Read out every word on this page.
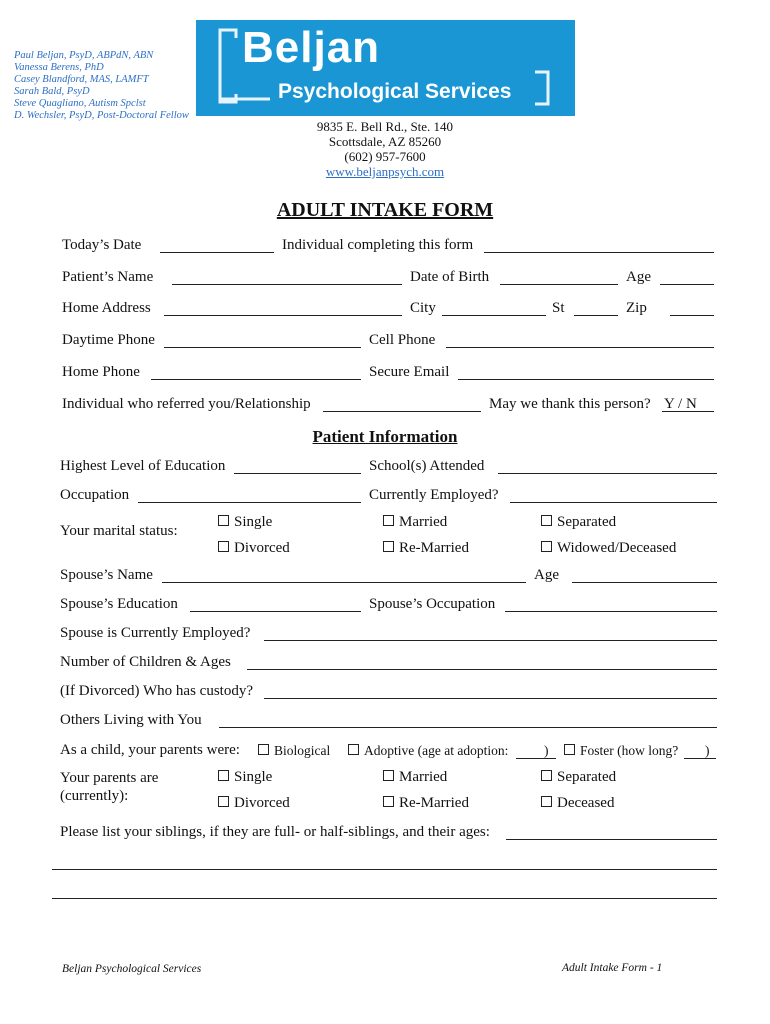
Paul Beljan, PsyD, ABPdN, ABN
Vanessa Berens, PhD
Casey Blandford, MAS, LAMFT
Sarah Bald, PsyD
Steve Quagliano, Autism Spclst
D. Wechsler, PsyD, Post-Doctoral Fellow
Beljan
Psychological Services
9835 E. Bell Rd., Ste. 140
Scottsdale, AZ 85260
(602) 957-7600
www.beljanpsych.com
ADULT INTAKE FORM
Today’s Date	Individual completing this form
Patient’s Name	Date of Birth	Age
Home Address	City	St	Zip
Daytime Phone	Cell Phone
Home Phone	Secure Email
Individual who referred you/Relationship	May we thank this person? Y / N
Patient Information
Highest Level of Education	School(s) Attended
Occupation	Currently Employed?
Your marital status:
Single	Married	Separated
Divorced	Re-Married	Widowed/Deceased
Spouse’s Name	Age
Spouse’s Education	Spouse’s Occupation
Spouse is Currently Employed?
Number of Children & Ages
(If Divorced) Who has custody?
Others Living with You
As a child, your parents were:	Biological	Adoptive (age at adoption:	)	Foster (how long? )
Your parents are
(currently):
Single	Married	Separated
Divorced	Re-Married	Deceased
Please list your siblings, if they are full- or half-siblings, and their ages:
Beljan Psychological Services	Adult Intake Form - 1
